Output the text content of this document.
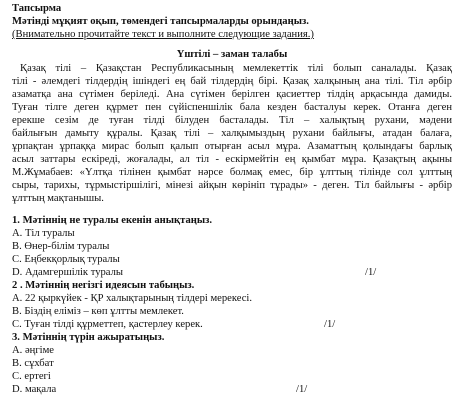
Тапсырма
Мәтінді мұқият оқып, төмендегі тапсырмаларды орындаңыз.
(Внимательно прочитайте текст и выполните следующие задания.)
Үштілі – заман талабы
Қазақ тілі – Қазақстан Республикасының мемлекеттік тілі болып саналады. Қазақ
тілі - әлемдегі тілдердің ішіндегі ең бай тілдердің бірі. Қазақ халқының ана тілі. Тіл әрбір
азаматқа ана сүтімен беріледі. Ана сүтімен берілген қасиеттер тілдің арқасында дамиды.
Туған тілге деген құрмет пен сүйіспеншілік бала кезден басталуы керек. Отанға деген
ерекше сезім де туған тілді білуден басталады. Тіл – халықтың рухани, мәдени
байлығын дамыту құралы. Қазақ тілі – халқымыздың рухани байлығы, атадан балаға,
ұрпақтан ұрпаққа мирас болып қалып отырған асыл мұра. Азаматтың қолындағы барлық
асыл заттары ескіреді, жоғалады, ал тіл - ескірмейтін ең қымбат мұра. Қазақтың ақыны
М.Жұмабаев: «Үлтқа тілінен қымбат нәрсе болмақ емес, бір ұлттың тілінде сол ұлттың
сыры, тарихы, тұрмыстіршілігі, мінезі айқын көрініп тұрады» - деген. Тіл байлығы - әрбір
ұлттың мақтанышы.
1. Мәтіннің не туралы екенін анықтаңыз.
А. Тіл туралы
В. Өнер-білім туралы
С. Еңбекқорлық туралы
D. Адамгершілік туралы	/1/
2 . Мәтіннің негізгі идеясын табыңыз.
А. 22 қыркүйек - ҚР халықтарының тілдері мерекесі.
В. Біздің еліміз – көп ұлтты мемлекет.
С. Туған тілді құрметтеп, қастерлеу керек.	/1/
3. Мәтіннің түрін ажыратыңыз.
А. әңгіме
В. сұхбат
С. ертегі
D. мақала	/1/
